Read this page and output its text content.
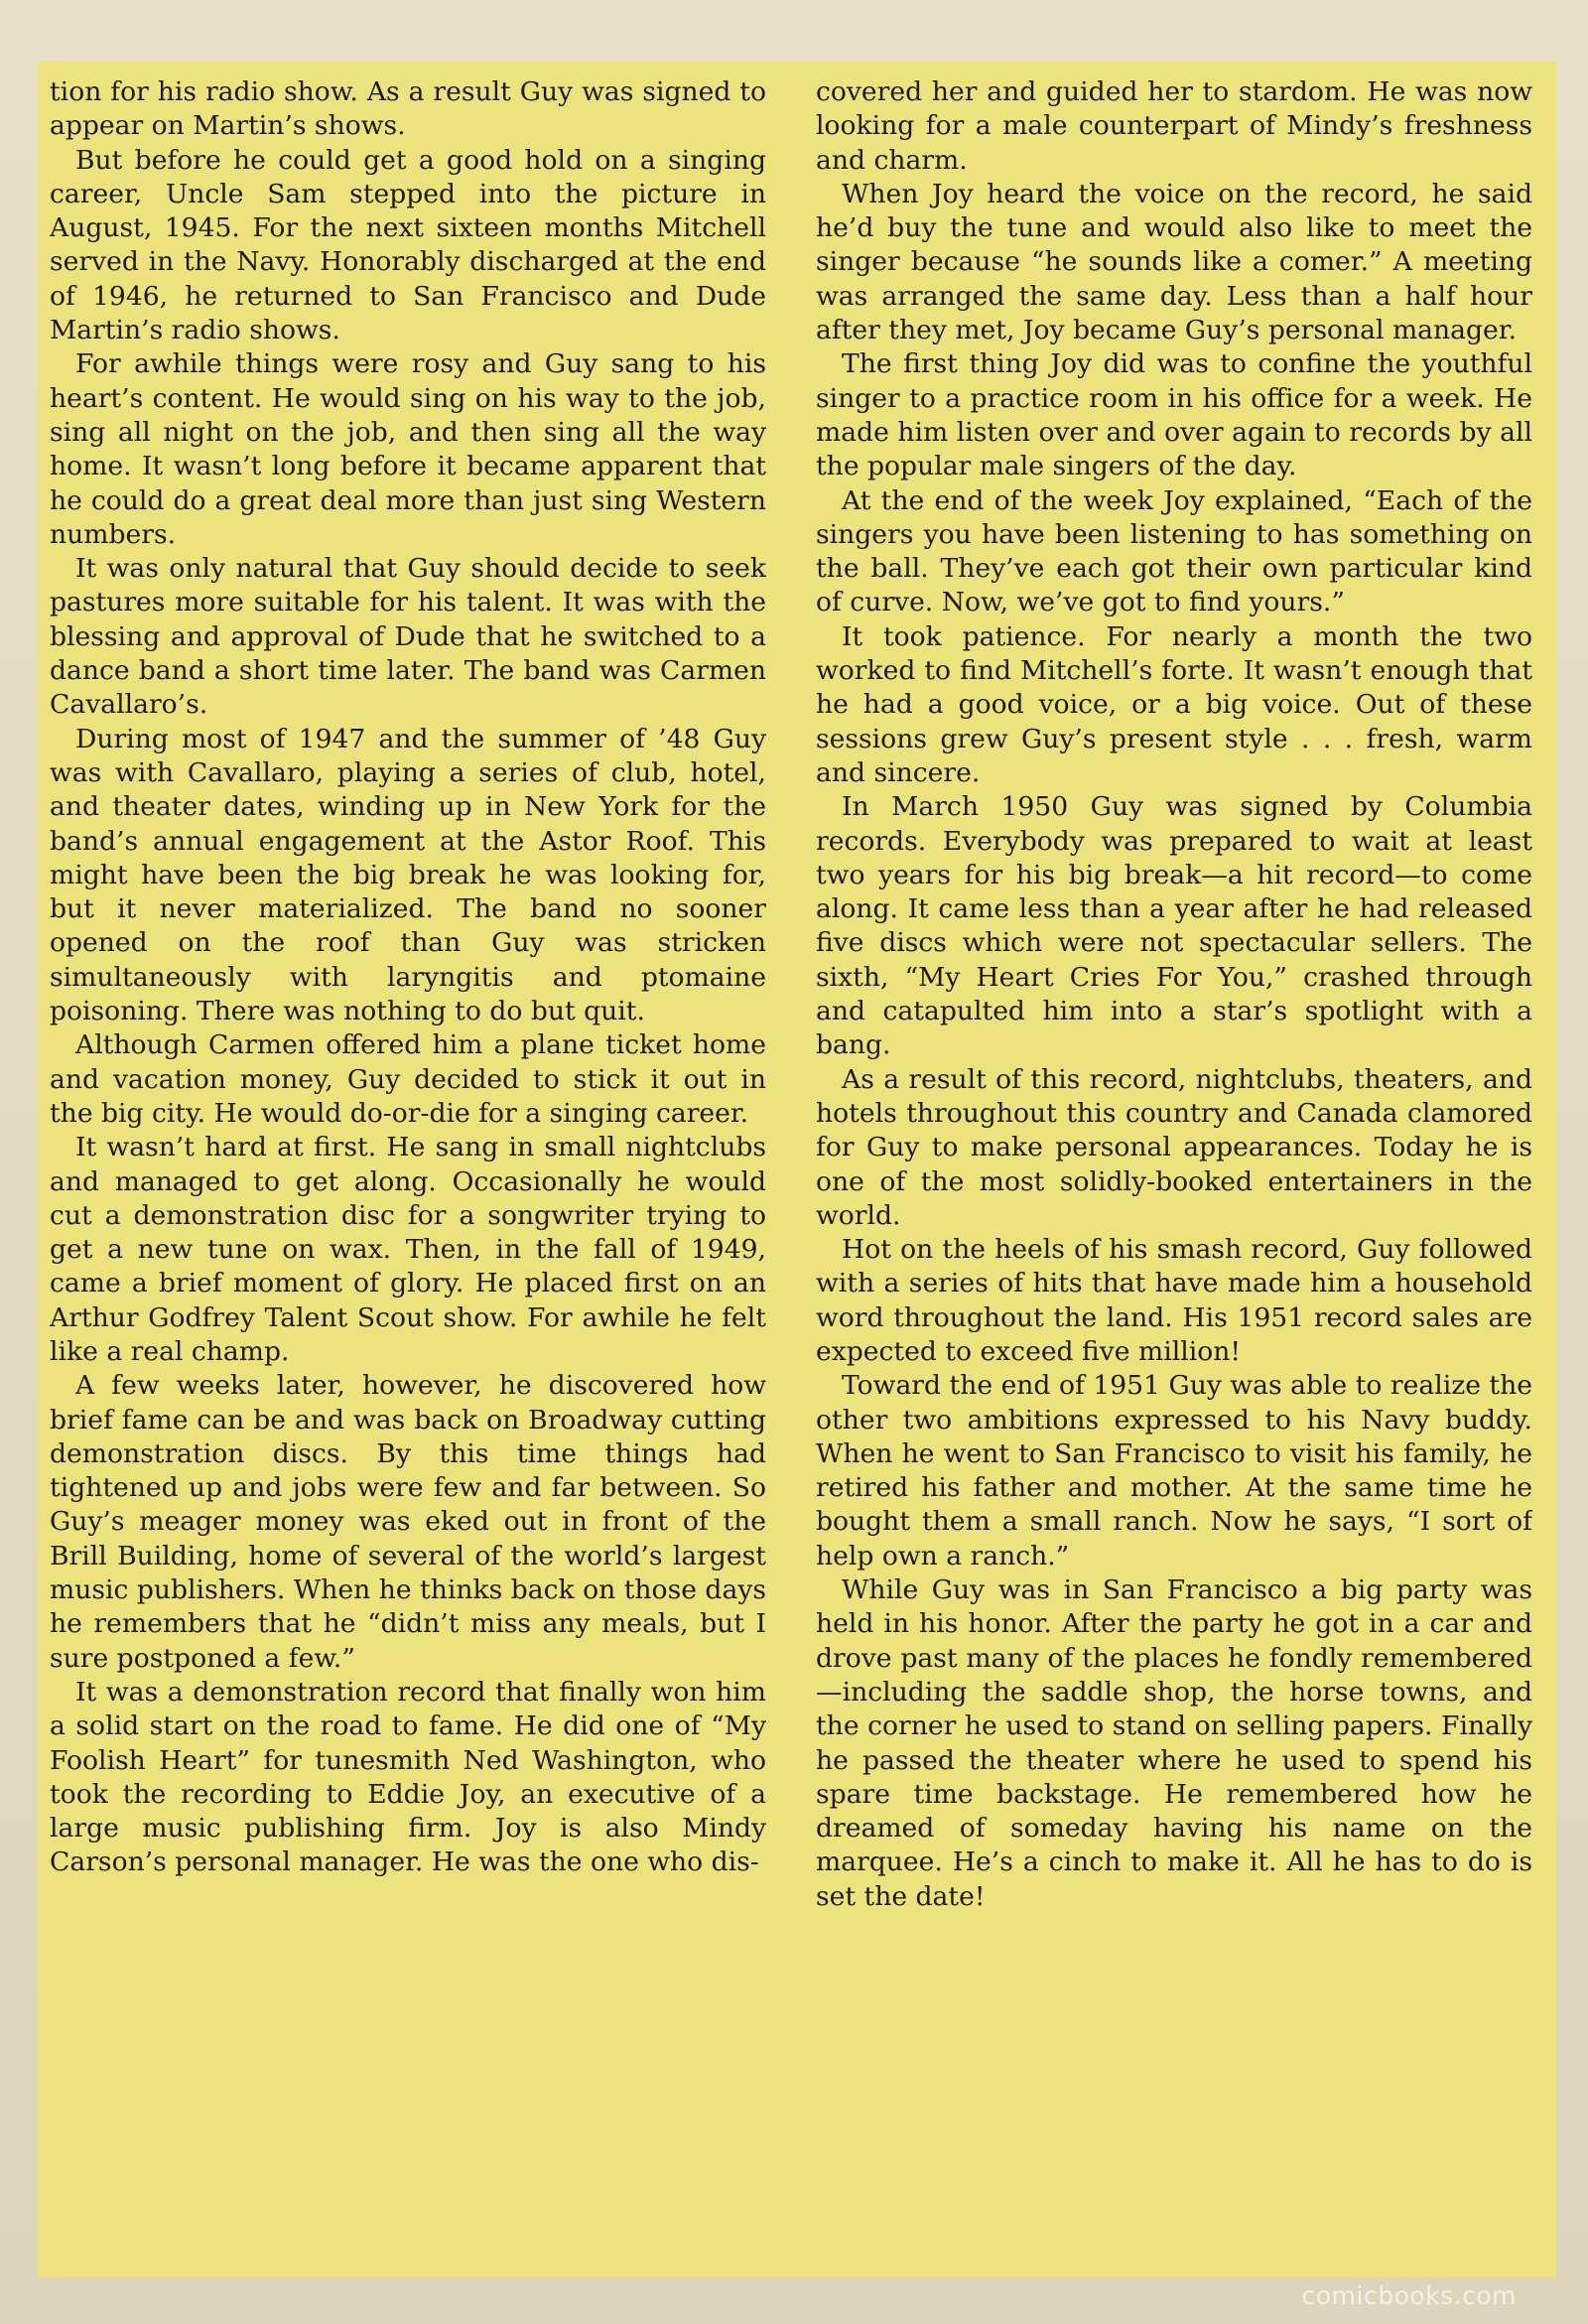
tion for his radio show. As a result Guy was signed to appear on Martin’s shows.

But before he could get a good hold on a singing career, Uncle Sam stepped into the picture in August, 1945. For the next sixteen months Mitchell served in the Navy. Honorably discharged at the end of 1946, he returned to San Francisco and Dude Martin’s radio shows.

For awhile things were rosy and Guy sang to his heart’s content. He would sing on his way to the job, sing all night on the job, and then sing all the way home. It wasn’t long before it became apparent that he could do a great deal more than just sing Western numbers.

It was only natural that Guy should decide to seek pastures more suitable for his talent. It was with the blessing and approval of Dude that he switched to a dance band a short time later. The band was Carmen Cavallaro’s.

During most of 1947 and the summer of ’48 Guy was with Cavallaro, playing a series of club, hotel, and theater dates, winding up in New York for the band’s annual engagement at the Astor Roof. This might have been the big break he was looking for, but it never materialized. The band no sooner opened on the roof than Guy was stricken simultaneously with laryngitis and ptomaine poisoning. There was nothing to do but quit.

Although Carmen offered him a plane ticket home and vacation money, Guy decided to stick it out in the big city. He would do-or-die for a singing career.

It wasn’t hard at first. He sang in small nightclubs and managed to get along. Occasionally he would cut a demonstration disc for a songwriter trying to get a new tune on wax. Then, in the fall of 1949, came a brief moment of glory. He placed first on an Arthur Godfrey Talent Scout show. For awhile he felt like a real champ.

A few weeks later, however, he discovered how brief fame can be and was back on Broadway cutting demonstration discs. By this time things had tightened up and jobs were few and far between. So Guy’s meager money was eked out in front of the Brill Building, home of several of the world’s largest music publishers. When he thinks back on those days he remembers that he “didn’t miss any meals, but I sure postponed a few.”

It was a demonstration record that finally won him a solid start on the road to fame. He did one of “My Foolish Heart” for tunesmith Ned Washington, who took the recording to Eddie Joy, an executive of a large music publishing firm. Joy is also Mindy Carson’s personal manager. He was the one who dis-

covered her and guided her to stardom. He was now looking for a male counterpart of Mindy’s freshness and charm.

When Joy heard the voice on the record, he said he’d buy the tune and would also like to meet the singer because “he sounds like a comer.” A meeting was arranged the same day. Less than a half hour after they met, Joy became Guy’s personal manager.

The first thing Joy did was to confine the youthful singer to a practice room in his office for a week. He made him listen over and over again to records by all the popular male singers of the day.

At the end of the week Joy explained, “Each of the singers you have been listening to has something on the ball. They’ve each got their own particular kind of curve. Now, we’ve got to find yours.”

It took patience. For nearly a month the two worked to find Mitchell’s forte. It wasn’t enough that he had a good voice, or a big voice. Out of these sessions grew Guy’s present style . . . fresh, warm and sincere.

In March 1950 Guy was signed by Columbia records. Everybody was prepared to wait at least two years for his big break—a hit record—to come along. It came less than a year after he had released five discs which were not spectacular sellers. The sixth, “My Heart Cries For You,” crashed through and catapulted him into a star’s spotlight with a bang.

As a result of this record, nightclubs, theaters, and hotels throughout this country and Canada clamored for Guy to make personal appearances. Today he is one of the most solidly-booked entertainers in the world.

Hot on the heels of his smash record, Guy followed with a series of hits that have made him a household word throughout the land. His 1951 record sales are expected to exceed five million!

Toward the end of 1951 Guy was able to realize the other two ambitions expressed to his Navy buddy. When he went to San Francisco to visit his family, he retired his father and mother. At the same time he bought them a small ranch. Now he says, “I sort of help own a ranch.”

While Guy was in San Francisco a big party was held in his honor. After the party he got in a car and drove past many of the places he fondly remembered—including the saddle shop, the horse towns, and the corner he used to stand on selling papers. Finally he passed the theater where he used to spend his spare time backstage. He remembered how he dreamed of someday having his name on the marquee. He’s a cinch to make it. All he has to do is set the date!

comicbooks.com
